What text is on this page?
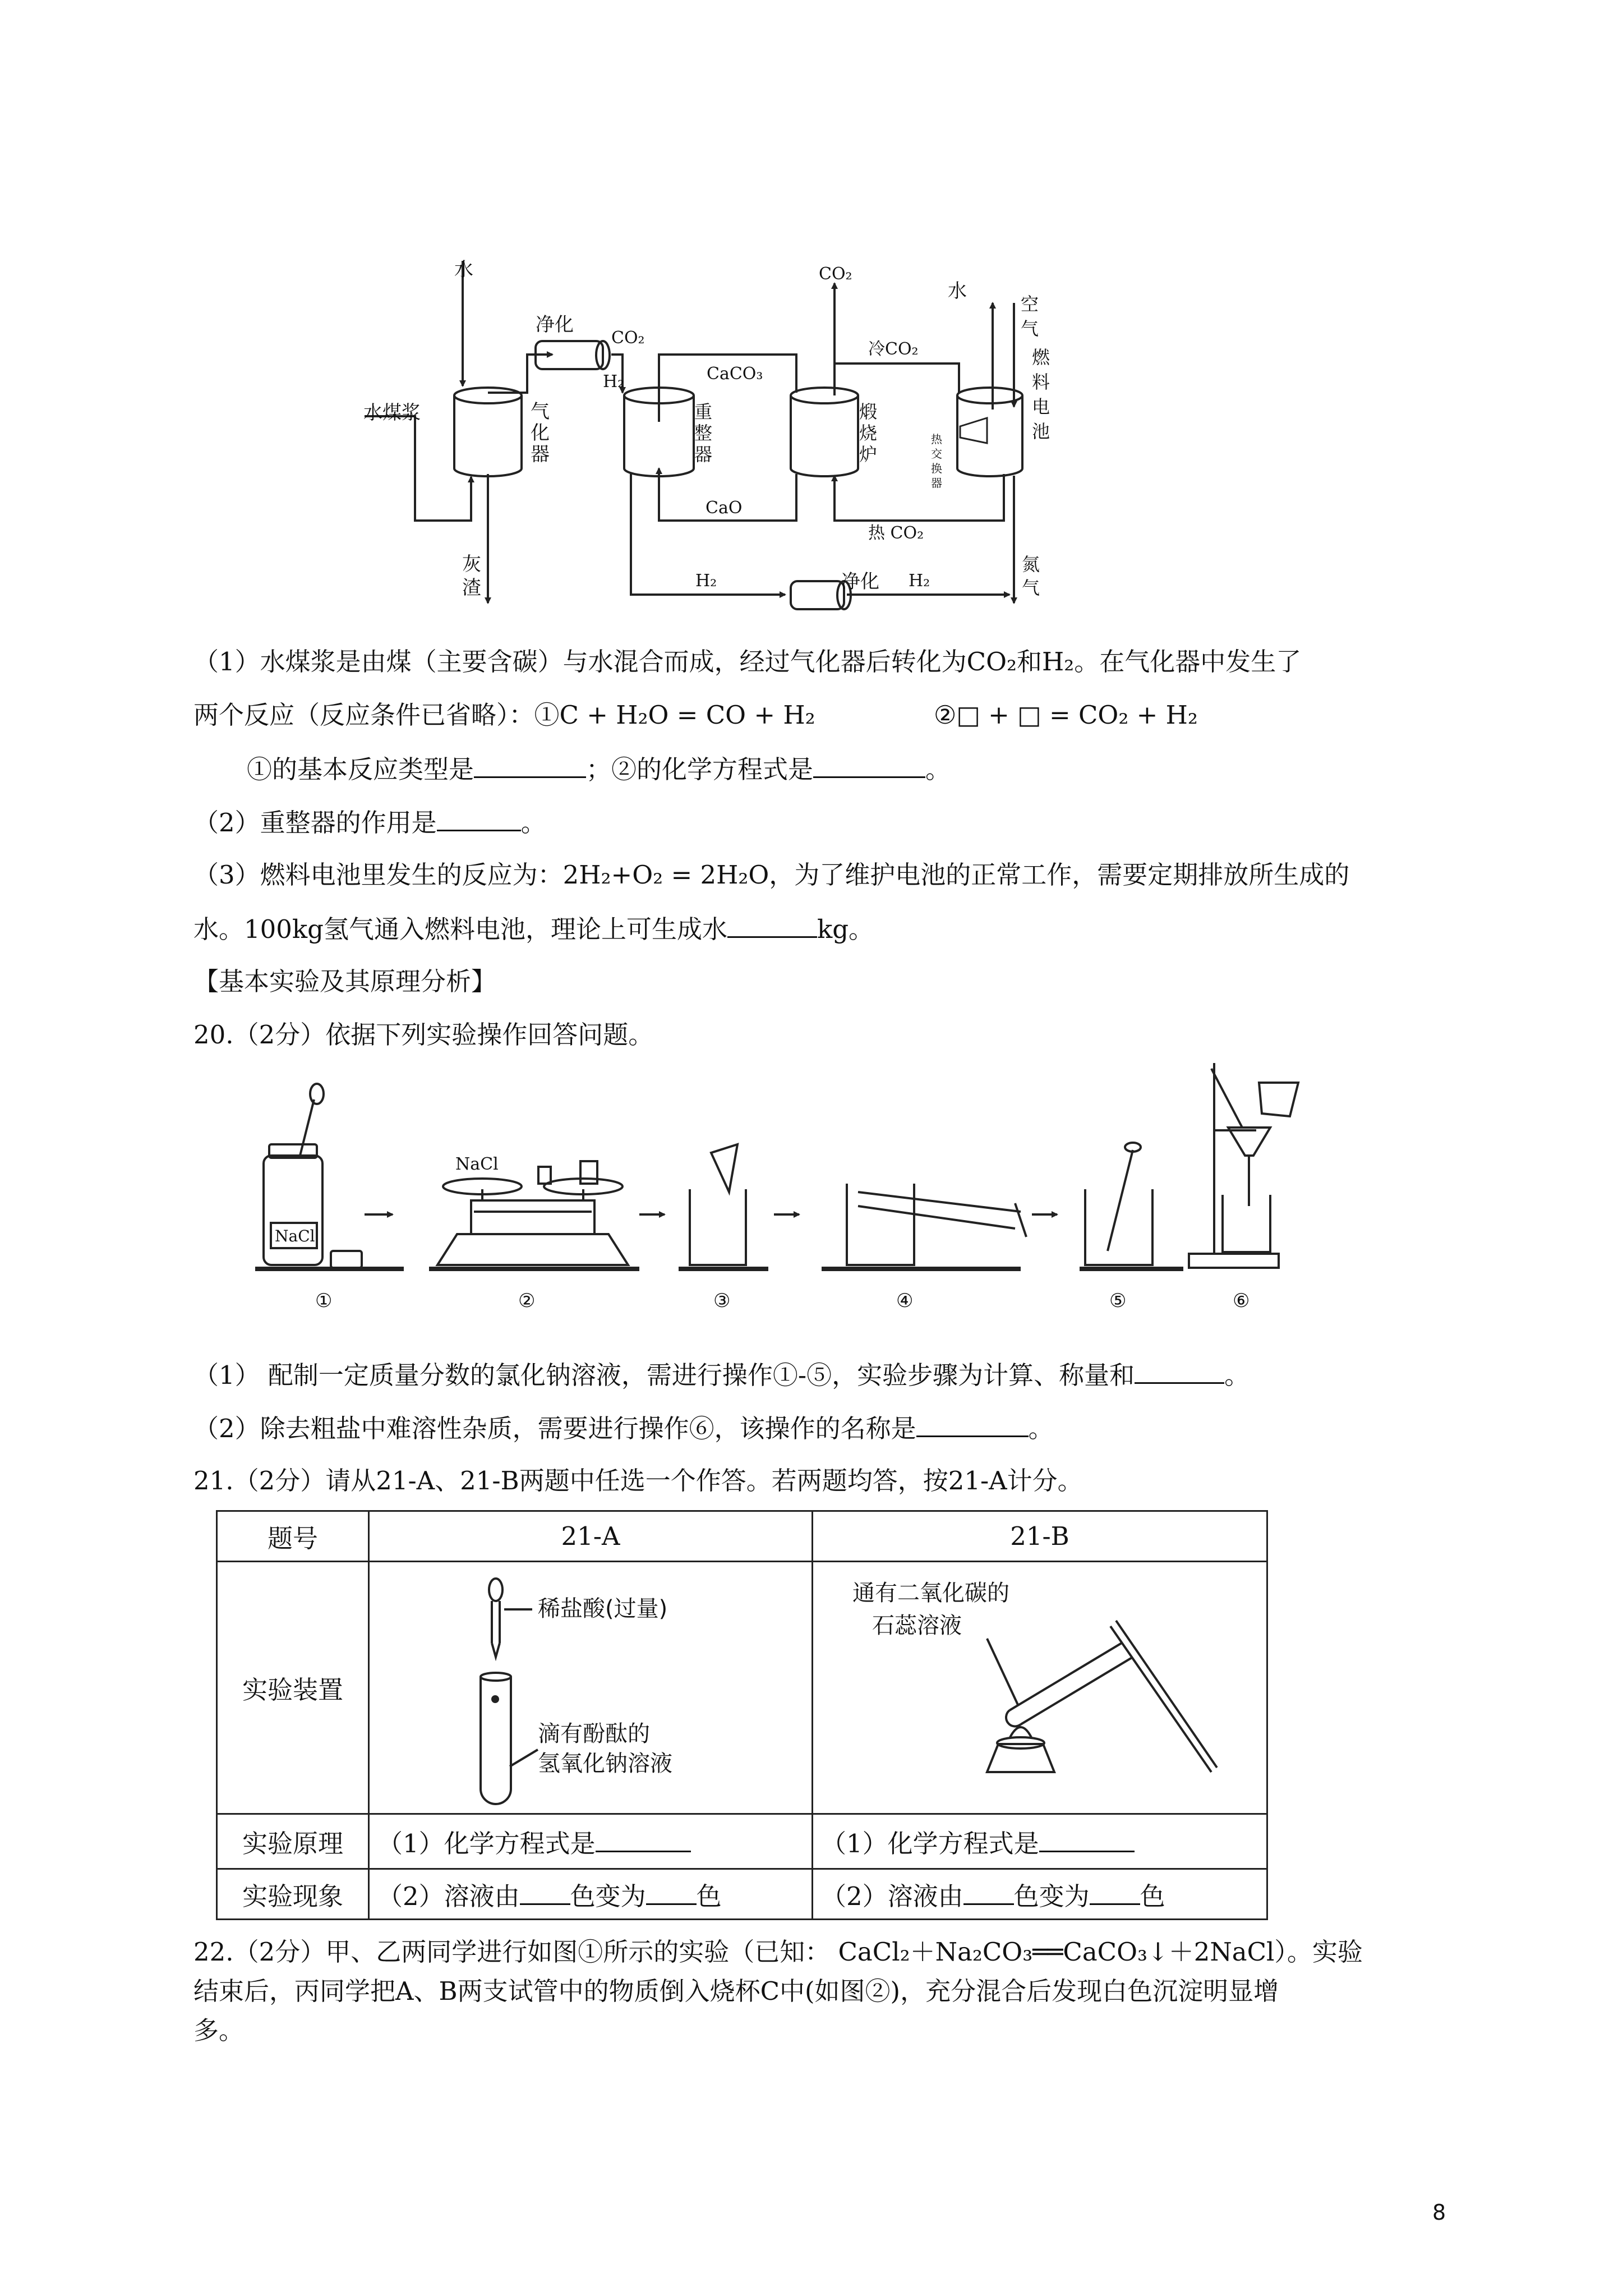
水
水煤浆
净化
CO₂
H₂	CaCO₃
CaO
CO₂
冷CO₂
热 CO₂
水
净化
H₂	H₂
气化器
灰渣
重整器
煅烧炉
空气
燃料电池
热交换器
氮气
（1）水煤浆是由煤（主要含碳）与水混合而成，经过气化器后转化为CO₂和H₂。在气化器中发生了
两个反应（反应条件已省略）：①C + H₂O = CO + H₂	②□ + □ = CO₂ + H₂
①的基本反应类型是	；②的化学方程式是	。
（2）重整器的作用是	。
（3）燃料电池里发生的反应为：2H₂+O₂ = 2H₂O，为了维护电池的正常工作，需要定期排放所生成的
水。100kg氢气通入燃料电池，理论上可生成水	kg。
【基本实验及其原理分析】
20.（2分）依据下列实验操作回答问题。
NaCl
NaCl
①	②	③	④	⑤	⑥
（1） 配制一定质量分数的氯化钠溶液，需进行操作①-⑤，实验步骤为计算、称量和	。
（2）除去粗盐中难溶性杂质，需要进行操作⑥，该操作的名称是	。
21.（2分）请从21-A、21-B两题中任选一个作答。若两题均答，按21-A计分。
题号	21-A	21-B
实验装置	稀盐酸(过量)
滴有酚酞的
氢氧化钠溶液	通有二氧化碳的
石蕊溶液

实验原理	（1）化学方程式是	（1）化学方程式是
实验现象	（2）溶液由 色变为 色	（2）溶液由 色变为 色
22.（2分）甲、乙两同学进行如图①所示的实验（已知： CaCl₂＋Na₂CO₃══CaCO₃↓＋2NaCl）。实验
结束后，丙同学把A、B两支试管中的物质倒入烧杯C中(如图②)，充分混合后发现白色沉淀明显增
多。
8
